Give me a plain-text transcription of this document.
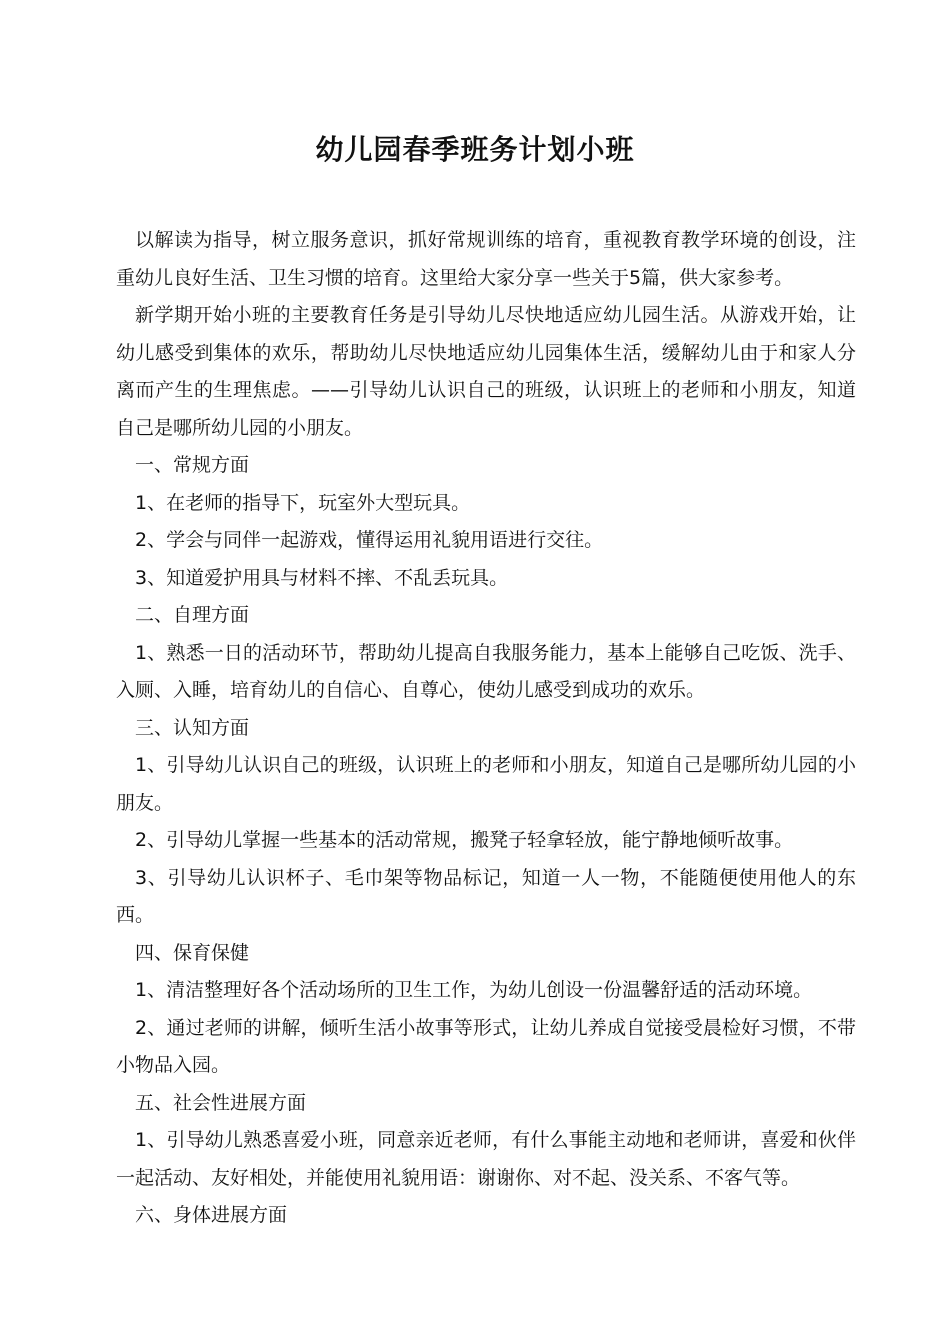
幼儿园春季班务计划小班

以解读为指导，树立服务意识，抓好常规训练的培育，重视教育教学环境的创设，注重幼儿良好生活、卫生习惯的培育。这里给大家分享一些关于5篇，供大家参考。

新学期开始小班的主要教育任务是引导幼儿尽快地适应幼儿园生活。从游戏开始，让幼儿感受到集体的欢乐，帮助幼儿尽快地适应幼儿园集体生活，缓解幼儿由于和家人分离而产生的生理焦虑。——引导幼儿认识自己的班级，认识班上的老师和小朋友，知道自己是哪所幼儿园的小朋友。

一、常规方面

1、在老师的指导下，玩室外大型玩具。

2、学会与同伴一起游戏，懂得运用礼貌用语进行交往。

3、知道爱护用具与材料不摔、不乱丢玩具。

二、自理方面

1、熟悉一日的活动环节，帮助幼儿提高自我服务能力，基本上能够自己吃饭、洗手、入厕、入睡，培育幼儿的自信心、自尊心，使幼儿感受到成功的欢乐。

三、认知方面

1、引导幼儿认识自己的班级，认识班上的老师和小朋友，知道自己是哪所幼儿园的小朋友。

2、引导幼儿掌握一些基本的活动常规，搬凳子轻拿轻放，能宁静地倾听故事。

3、引导幼儿认识杯子、毛巾架等物品标记，知道一人一物，不能随便使用他人的东西。

四、保育保健

1、清洁整理好各个活动场所的卫生工作，为幼儿创设一份温馨舒适的活动环境。

2、通过老师的讲解，倾听生活小故事等形式，让幼儿养成自觉接受晨检好习惯，不带小物品入园。

五、社会性进展方面

1、引导幼儿熟悉喜爱小班，同意亲近老师，有什么事能主动地和老师讲，喜爱和伙伴一起活动、友好相处，并能使用礼貌用语：谢谢你、对不起、没关系、不客气等。

六、身体进展方面
